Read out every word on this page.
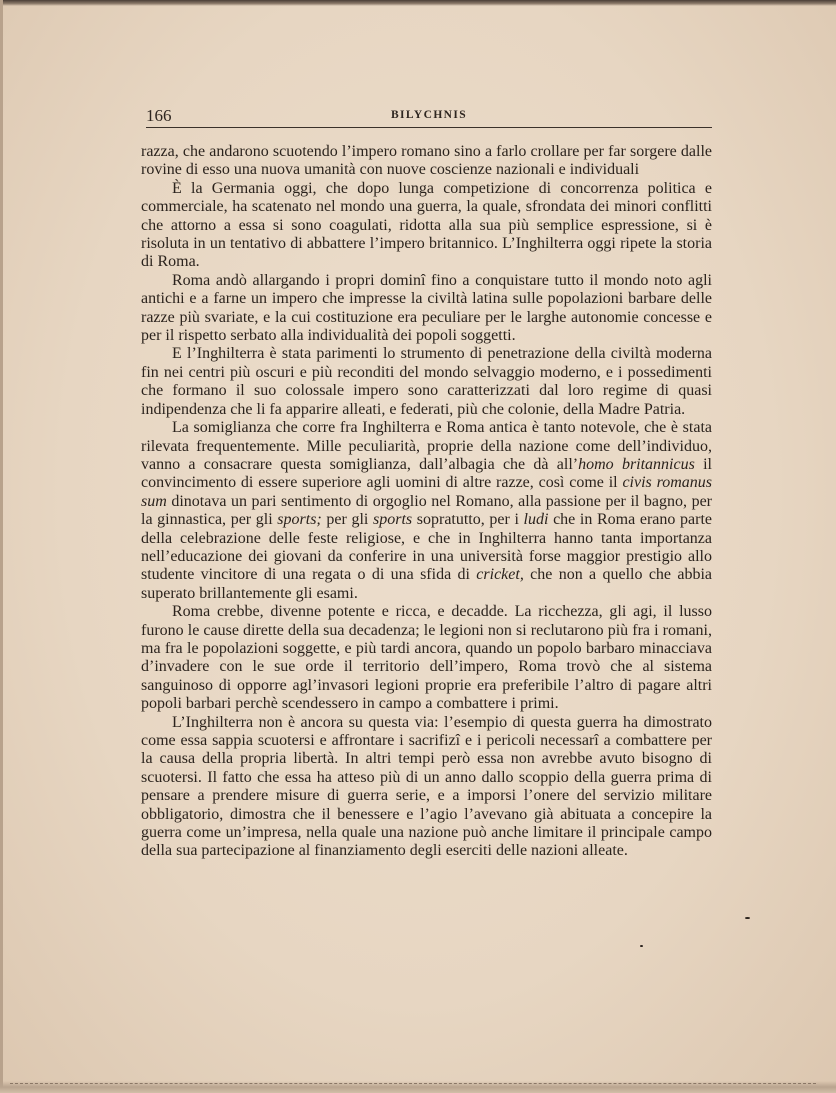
166	BILYCHNIS

razza, che andarono scuotendo l’impero romano sino a farlo crollare per far sorgere dalle rovine di esso una nuova umanità con nuove coscienze nazionali e individuali

È la Germania oggi, che dopo lunga competizione di concorrenza politica e commerciale, ha scatenato nel mondo una guerra, la quale, sfrondata dei minori conflitti che attorno a essa si sono coagulati, ridotta alla sua più semplice espressione, si è risoluta in un tentativo di abbattere l’impero britannico. L’Inghilterra oggi ripete la storia di Roma.

Roma andò allargando i propri dominî fino a conquistare tutto il mondo noto agli antichi e a farne un impero che impresse la civiltà latina sulle popolazioni barbare delle razze più svariate, e la cui costituzione era peculiare per le larghe autonomie concesse e per il rispetto serbato alla individualità dei popoli soggetti.

E l’Inghilterra è stata parimenti lo strumento di penetrazione della civiltà moderna fin nei centri più oscuri e più reconditi del mondo selvaggio moderno, e i possedimenti che formano il suo colossale impero sono caratterizzati dal loro regime di quasi indipendenza che li fa apparire alleati, e federati, più che colonie, della Madre Patria.

La somiglianza che corre fra Inghilterra e Roma antica è tanto notevole, che è stata rilevata frequentemente. Mille peculiarità, proprie della nazione come dell’individuo, vanno a consacrare questa somiglianza, dall’albagia che dà all’homo britannicus il convincimento di essere superiore agli uomini di altre razze, così come il civis romanus sum dinotava un pari sentimento di orgoglio nel Romano, alla passione per il bagno, per la ginnastica, per gli sports; per gli sports sopratutto, per i ludi che in Roma erano parte della celebrazione delle feste religiose, e che in Inghilterra hanno tanta importanza nell’educazione dei giovani da conferire in una università forse maggior prestigio allo studente vincitore di una regata o di una sfida di cricket, che non a quello che abbia superato brillantemente gli esami.

Roma crebbe, divenne potente e ricca, e decadde. La ricchezza, gli agi, il lusso furono le cause dirette della sua decadenza; le legioni non si reclutarono più fra i romani, ma fra le popolazioni soggette, e più tardi ancora, quando un popolo barbaro minacciava d’invadere con le sue orde il territorio dell’impero, Roma trovò che al sistema sanguinoso di opporre agl’invasori legioni proprie era preferibile l’altro di pagare altri popoli barbari perchè scendessero in campo a combattere i primi.

L’Inghilterra non è ancora su questa via: l’esempio di questa guerra ha dimostrato come essa sappia scuotersi e affrontare i sacrifizî e i pericoli necessarî a combattere per la causa della propria libertà. In altri tempi però essa non avrebbe avuto bisogno di scuotersi. Il fatto che essa ha atteso più di un anno dallo scoppio della guerra prima di pensare a prendere misure di guerra serie, e a imporsi l’onere del servizio militare obbligatorio, dimostra che il benessere e l’agio l’avevano già abituata a concepire la guerra come un’impresa, nella quale una nazione può anche limitare il principale campo della sua partecipazione al finanziamento degli eserciti delle nazioni alleate.
